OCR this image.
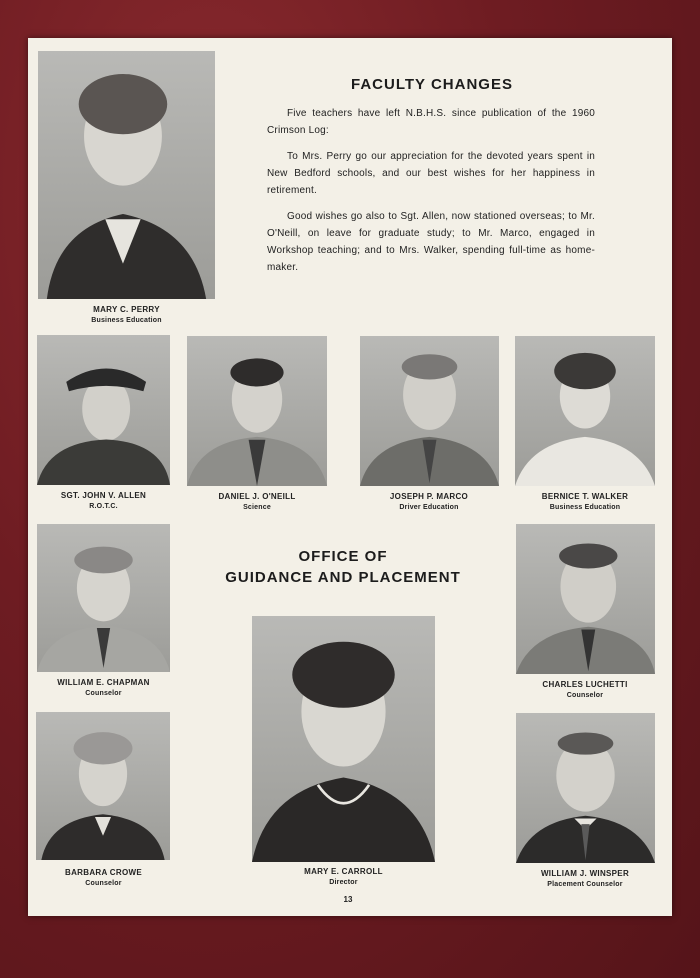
MARY C. PERRY
Business Education
FACULTY CHANGES

Five teachers have left N.B.H.S. since publication of the 1960 Crimson Log:

To Mrs. Perry go our appreciation for the devoted years spent in New Bedford schools, and our best wishes for her happiness in retirement.

Good wishes go also to Sgt. Allen, now stationed overseas; to Mr. O'Neill, on leave for graduate study; to Mr. Marco, engaged in Workshop teaching; and to Mrs. Walker, spending full-time as home-maker.

SGT. JOHN V. ALLEN
R.O.T.C.
DANIEL J. O'NEILL
Science
JOSEPH P. MARCO
Driver Education
BERNICE T. WALKER
Business Education
OFFICE OF
GUIDANCE AND PLACEMENT
WILLIAM E. CHAPMAN
Counselor
CHARLES LUCHETTI
Counselor
MARY E. CARROLL
Director
BARBARA CROWE
Counselor
WILLIAM J. WINSPER
Placement Counselor
13
